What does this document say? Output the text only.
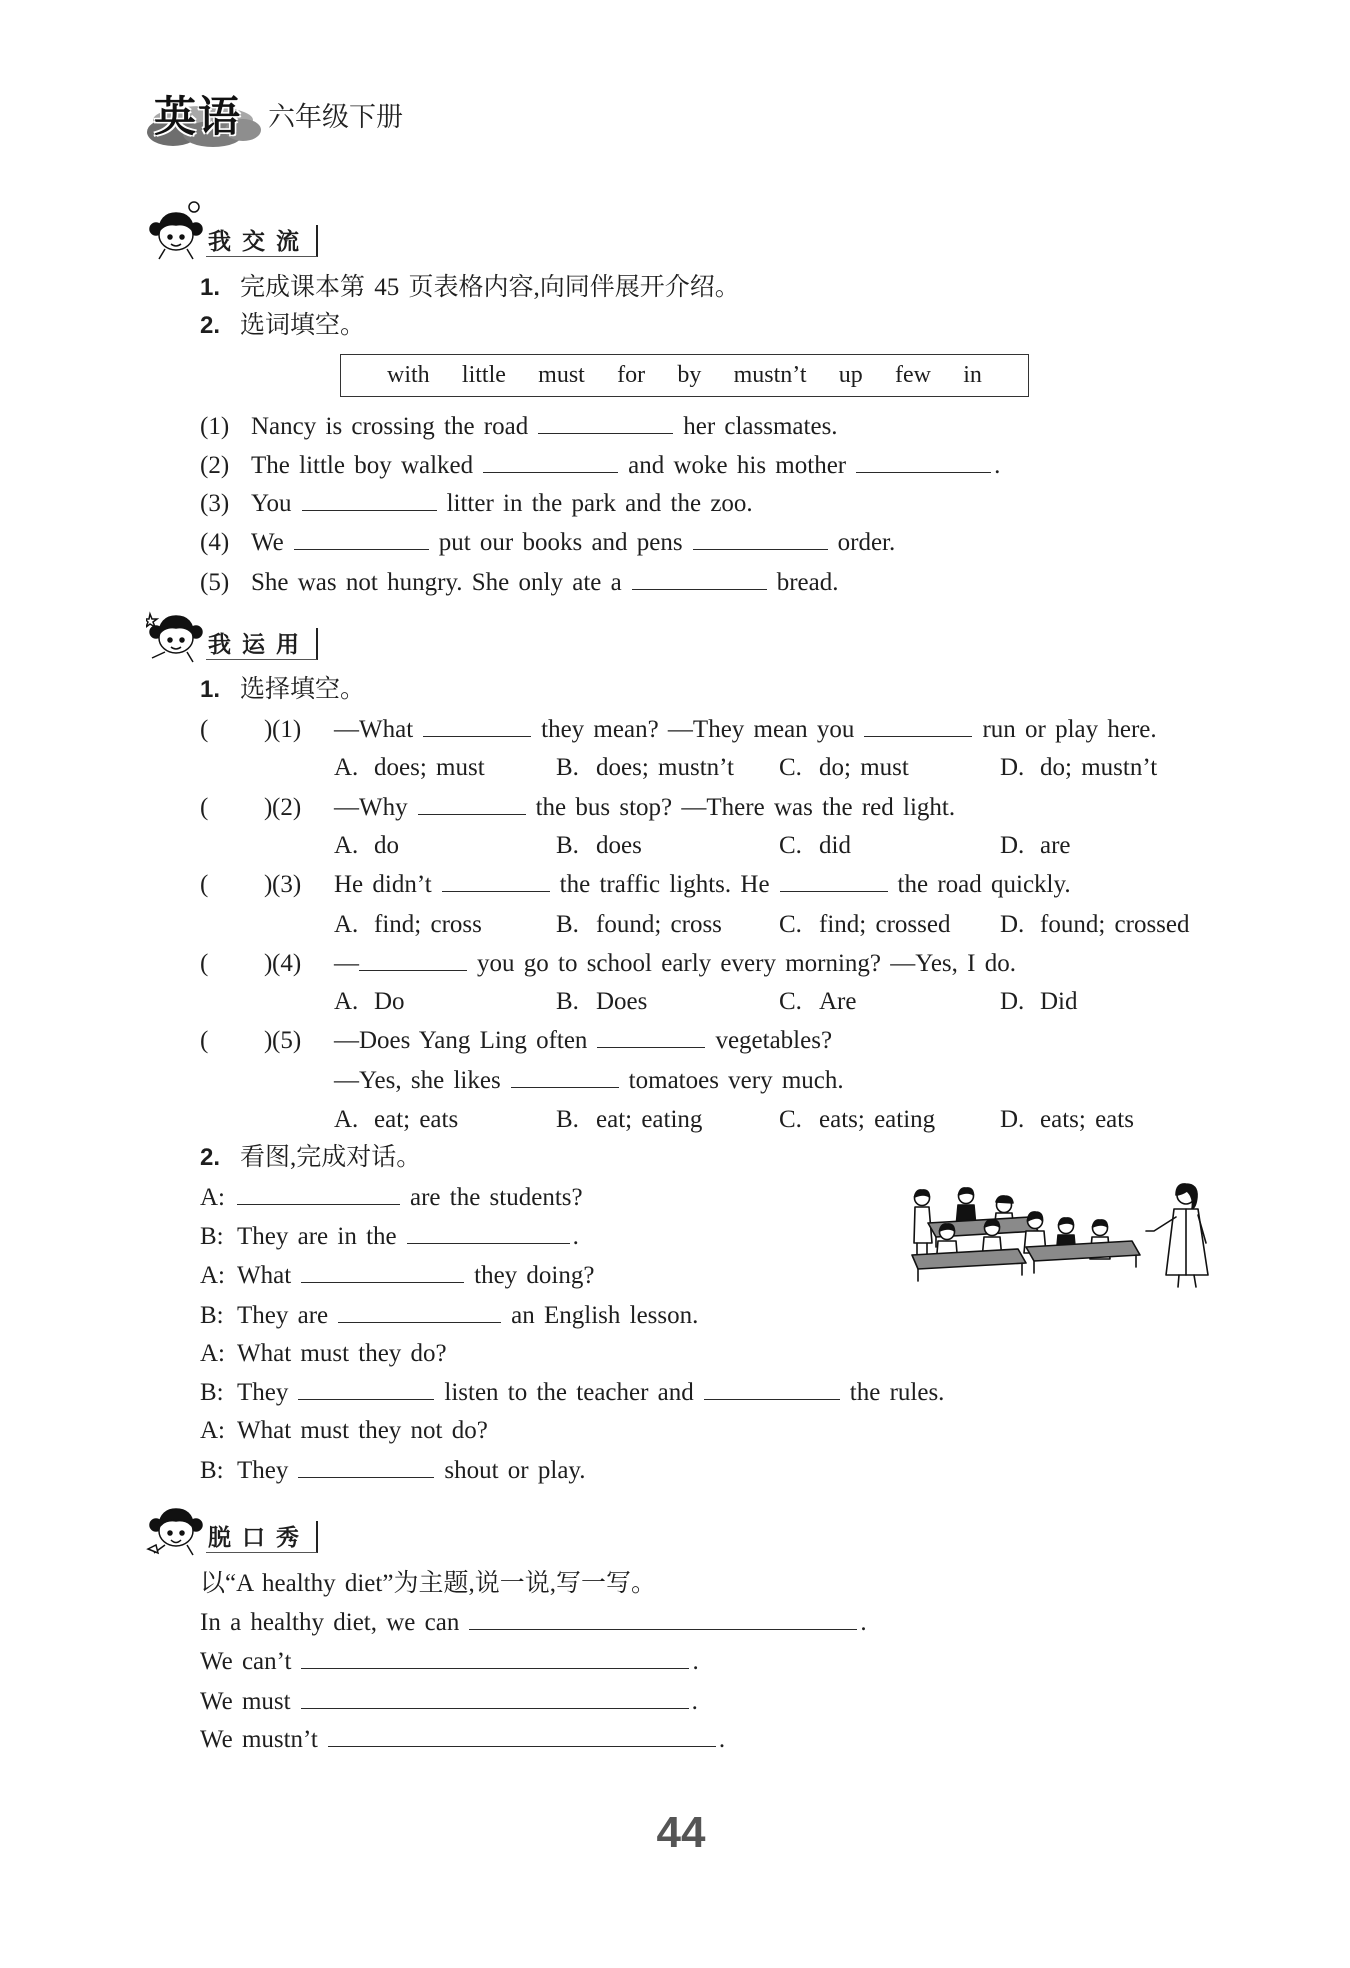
英语 六年级下册
我交流
1. 完成课本第 45 页表格内容,向同伴展开介绍。
2. 选词填空。
with little must for by mustn’t up few in
(1) Nancy is crossing the road	her classmates.
(2) The little boy walked	and woke his mother	.
(3) You	litter in the park and the zoo.
(4) We	put our books and pens	order.
(5) She was not hungry. She only ate a	bread.
我运用
1. 选择填空。
( ) (1) —What	they mean? —They mean you	run or play here.
A. does; must	B. does; mustn’t C. do; must	D. do; mustn’t
( ) (2) —Why	the bus stop? —There was the red light.
A. do	B. does	C. did	D. are
( ) (3) He didn’t	the traffic lights. He	the road quickly.
A. find; cross	B. found; cross C. find; crossed D. found; crossed
( ) (4) —	you go to school early every morning? —Yes, I do.
A. Do	B. Does	C. Are	D. Did
( ) (5) —Does Yang Ling often	vegetables?
—Yes, she likes	tomatoes very much.
A. eat; eats	B. eat; eating	C. eats; eating	D. eats; eats
2. 看图,完成对话。
A:	are the students?
B: They are in the	.
A: What	they doing?
B: They are	an English lesson.
A: What must they do?
B: They	listen to the teacher and	the rules.
A: What must they not do?
B: They	shout or play.
脱口秀
以“A healthy diet”为主题,说一说,写一写。
In a healthy diet, we can	.
We can’t	.
We must	.
We mustn’t	.
44
